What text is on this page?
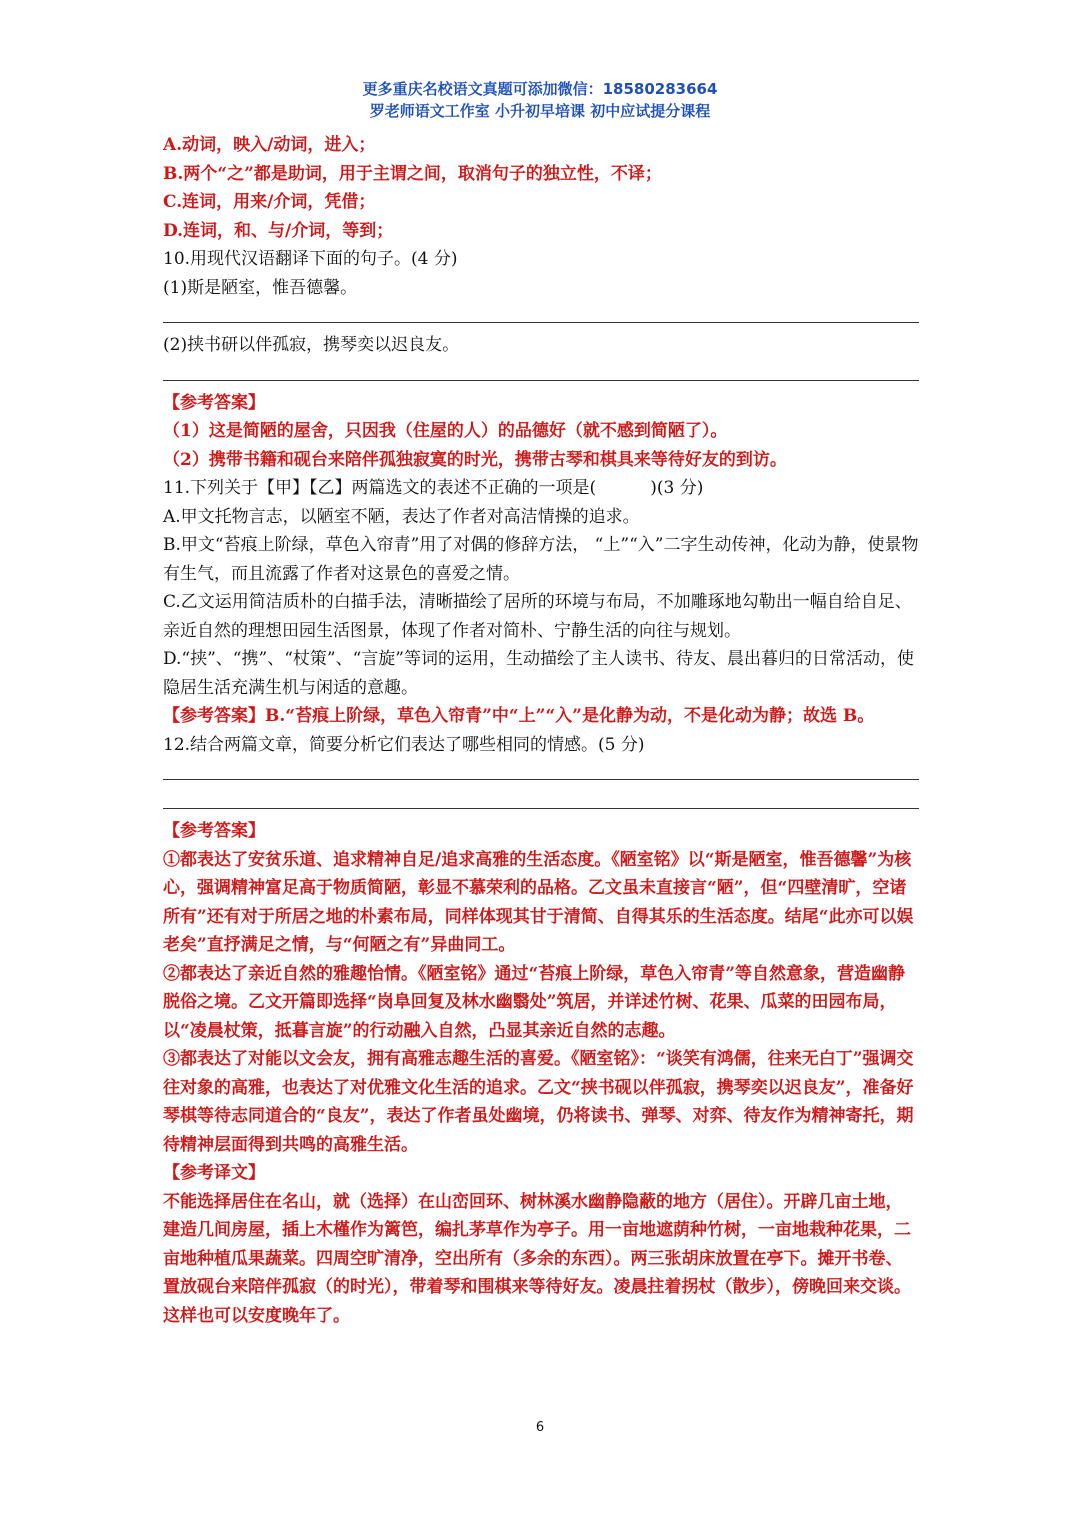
更多重庆名校语文真题可添加微信：18580283664
罗老师语文工作室 小升初早培课 初中应试提分课程
A.动词，映入/动词，进入；
B.两个“之”都是助词，用于主谓之间，取消句子的独立性，不译；
C.连词，用来/介词，凭借；
D.连词，和、与/介词，等到；
10.用现代汉语翻译下面的句子。(4 分)
(1)斯是陋室，惟吾德馨。
(2)挟书研以伴孤寂，携琴奕以迟良友。
【参考答案】
（1）这是简陋的屋舍，只因我（住屋的人）的品德好（就不感到简陋了）。
（2）携带书籍和砚台来陪伴孤独寂寞的时光，携带古琴和棋具来等待好友的到访。
11.下列关于【甲】【乙】两篇选文的表述不正确的一项是(          )(3 分)
A.甲文托物言志，以陋室不陋，表达了作者对高洁情操的追求。
B.甲文“苔痕上阶绿，草色入帘青”用了对偶的修辞方法， “上”“入”二字生动传神，化动为静，使景物有生气，而且流露了作者对这景色的喜爱之情。
C.乙文运用简洁质朴的白描手法，清晰描绘了居所的环境与布局，不加雕琢地勾勒出一幅自给自足、亲近自然的理想田园生活图景，体现了作者对简朴、宁静生活的向往与规划。
D.“挟”、“携”、“杖策”、“言旋”等词的运用，生动描绘了主人读书、待友、晨出暮归的日常活动，使隐居生活充满生机与闲适的意趣。
【参考答案】B.“苔痕上阶绿，草色入帘青”中“上”“入”是化静为动，不是化动为静；故选 B。
12.结合两篇文章，简要分析它们表达了哪些相同的情感。(5 分)
【参考答案】
①都表达了安贫乐道、追求精神自足/追求高雅的生活态度。《陋室铭》以“斯是陋室，惟吾德馨”为核心，强调精神富足高于物质简陋，彰显不慕荣利的品格。乙文虽未直接言“陋”，但“四壁清旷，空诸所有”还有对于所居之地的朴素布局，同样体现其甘于清简、自得其乐的生活态度。结尾“此亦可以娱老矣”直抒满足之情，与“何陋之有”异曲同工。
②都表达了亲近自然的雅趣怡情。《陋室铭》通过“苔痕上阶绿，草色入帘青”等自然意象，营造幽静脱俗之境。乙文开篇即选择“岗阜回复及林水幽翳处”筑居，并详述竹树、花果、瓜菜的田园布局，以“凌晨杖策，抵暮言旋”的行动融入自然，凸显其亲近自然的志趣。
③都表达了对能以文会友，拥有高雅志趣生活的喜爱。《陋室铭》：“谈笑有鸿儒，往来无白丁”强调交往对象的高雅，也表达了对优雅文化生活的追求。乙文“挟书砚以伴孤寂，携琴奕以迟良友”，准备好琴棋等待志同道合的“良友”，表达了作者虽处幽境，仍将读书、弹琴、对弈、待友作为精神寄托，期待精神层面得到共鸣的高雅生活。
【参考译文】
不能选择居住在名山，就（选择）在山峦回环、树林溪水幽静隐蔽的地方（居住）。开辟几亩土地，建造几间房屋，插上木槿作为篱笆，编扎茅草作为亭子。用一亩地遮荫种竹树，一亩地栽种花果，二亩地种植瓜果蔬菜。四周空旷清净，空出所有（多余的东西）。两三张胡床放置在亭下。摊开书卷、置放砚台来陪伴孤寂（的时光），带着琴和围棋来等待好友。凌晨拄着拐杖（散步），傍晚回来交谈。这样也可以安度晚年了。
6
